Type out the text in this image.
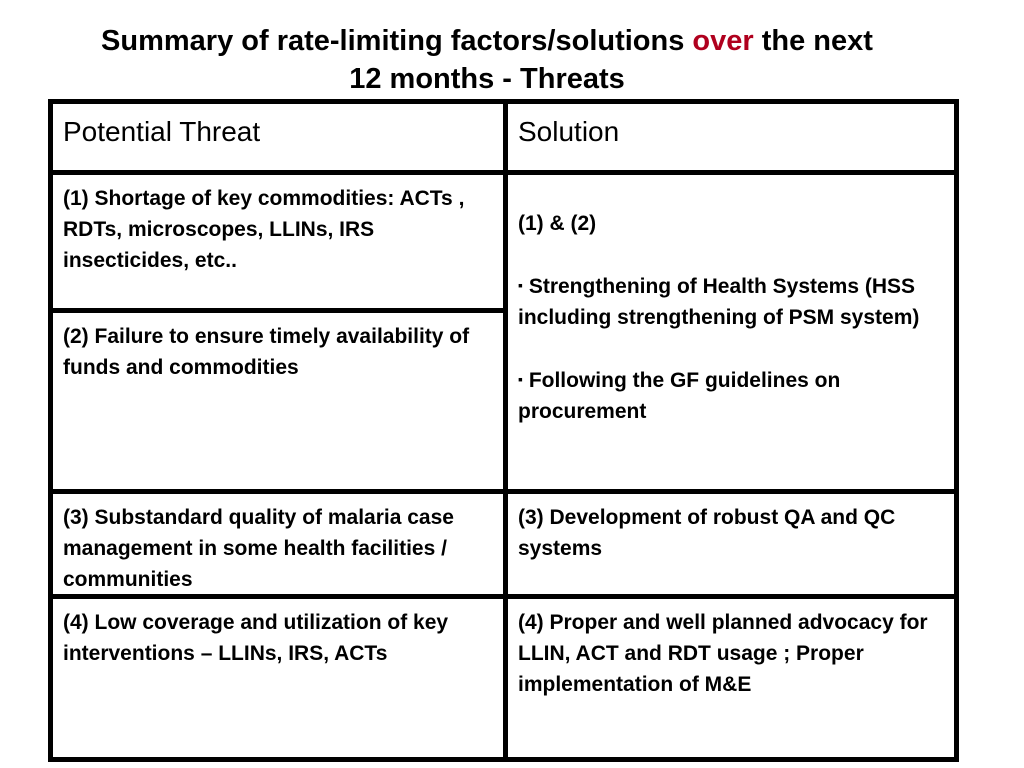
Summary of rate-limiting factors/solutions over the next
12 months - Threats
Potential Threat	Solution
(1) Shortage of key commodities: ACTs , RDTs, microscopes, LLINs, IRS insecticides, etc..
(2) Failure to ensure timely availability of funds and commodities
(3) Substandard quality of malaria case management in some health facilities / communities
(4) Low coverage and utilization of key interventions – LLINs, IRS, ACTs

(1) & (2)

▪ Strengthening of Health Systems (HSS including strengthening of PSM system)

▪ Following the GF guidelines on procurement

(3) Development of robust QA and QC systems
(4) Proper and well planned advocacy for LLIN, ACT and RDT usage ; Proper implementation of M&E
